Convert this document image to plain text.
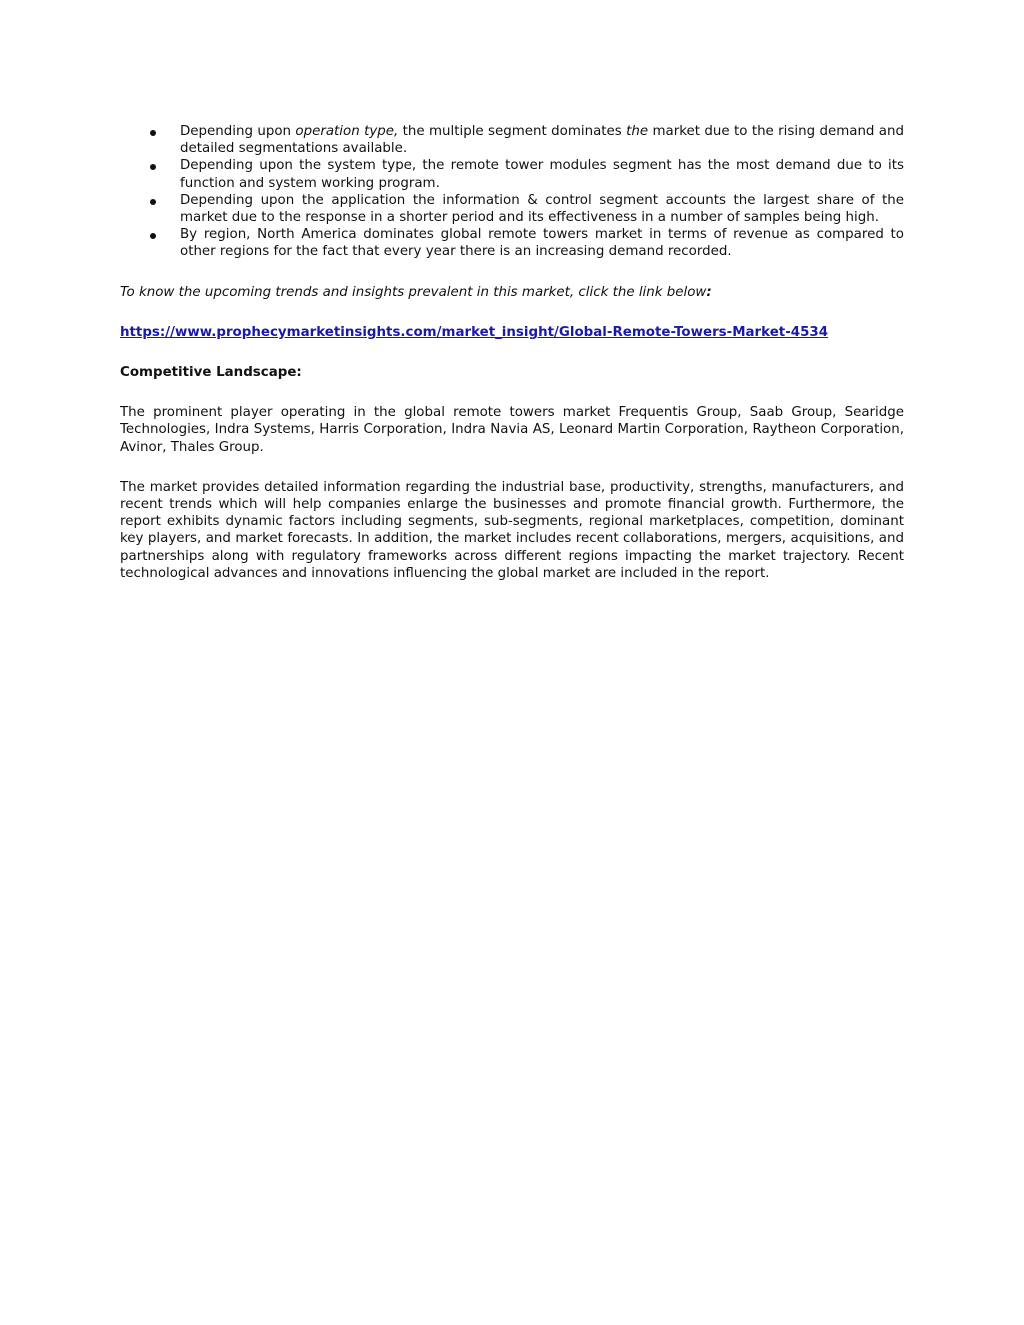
Depending upon operation type, the multiple segment dominates the market due to the rising demand and detailed segmentations available.
Depending upon the system type, the remote tower modules segment has the most demand due to its function and system working program.
Depending upon the application the information & control segment accounts the largest share of the market due to the response in a shorter period and its effectiveness in a number of samples being high.
By region, North America dominates global remote towers market in terms of revenue as compared to other regions for the fact that every year there is an increasing demand recorded.
To know the upcoming trends and insights prevalent in this market, click the link below:
https://www.prophecymarketinsights.com/market_insight/Global-Remote-Towers-Market-4534
Competitive Landscape:

The prominent player operating in the global remote towers market Frequentis Group, Saab Group, Searidge Technologies, Indra Systems, Harris Corporation, Indra Navia AS, Leonard Martin Corporation, Raytheon Corporation, Avinor, Thales Group.

The market provides detailed information regarding the industrial base, productivity, strengths, manufacturers, and recent trends which will help companies enlarge the businesses and promote financial growth. Furthermore, the report exhibits dynamic factors including segments, sub-segments, regional marketplaces, competition, dominant key players, and market forecasts. In addition, the market includes recent collaborations, mergers, acquisitions, and partnerships along with regulatory frameworks across different regions impacting the market trajectory. Recent technological advances and innovations influencing the global market are included in the report.
